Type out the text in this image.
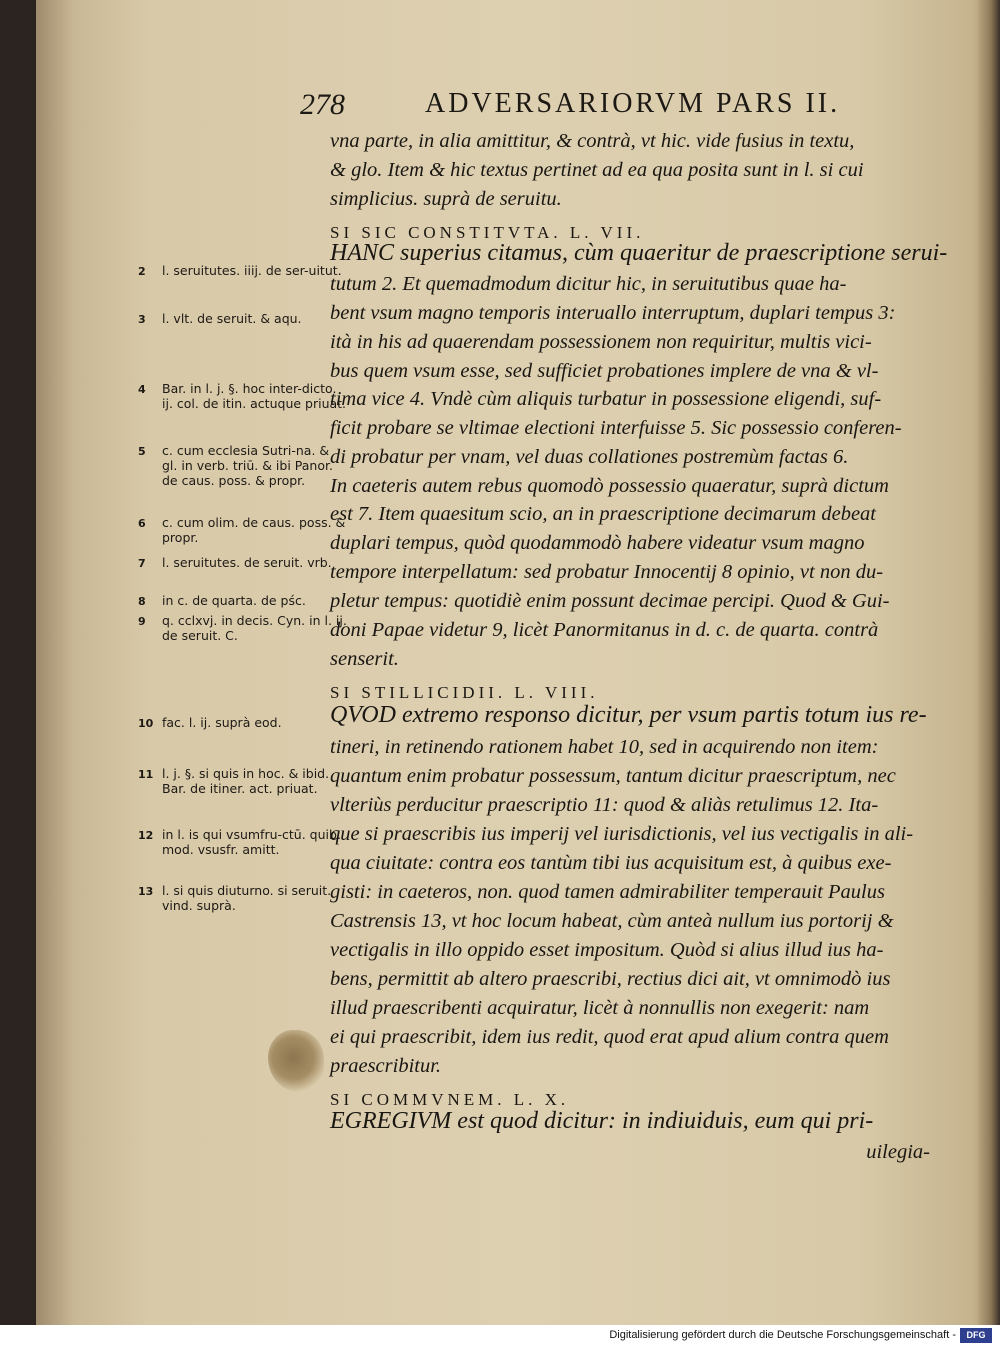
278	ADVERSARIORVM PARS II.
vna parte, in alia amittitur, & contrà, vt hic. vide fusius in textu,
& glo. Item & hic textus pertinet ad ea qua posita sunt in l. si cui
simplicius. suprà de seruitu.
SI SIC CONSTITVTA. L. VII.
HANC superius citamus, cùm quaeritur de praescriptione serui-
tutum 2. Et quemadmodum dicitur hic, in seruitutibus quae ha-
bent vsum magno temporis interuallo interruptum, duplari tempus 3:
ità in his ad quaerendam possessionem non requiritur, multis vici-
bus quem vsum esse, sed sufficiet probationes implere de vna & vl-
tima vice 4. Vndè cùm aliquis turbatur in possessione eligendi, suf-
ficit probare se vltimae electioni interfuisse 5. Sic possessio conferen-
di probatur per vnam, vel duas collationes postremùm factas 6.
In caeteris autem rebus quomodò possessio quaeratur, suprà dictum
est 7. Item quaesitum scio, an in praescriptione decimarum debeat
duplari tempus, quòd quodammodò habere videatur vsum magno
tempore interpellatum: sed probatur Innocentij 8 opinio, vt non du-
pletur tempus: quotidiè enim possunt decimae percipi. Quod & Gui-
doni Papae videtur 9, licèt Panormitanus in d. c. de quarta. contrà
senserit.
SI STILLICIDII. L. VIII.
QVOD extremo responso dicitur, per vsum partis totum ius re-
tineri, in retinendo rationem habet 10, sed in acquirendo non item:
quantum enim probatur possessum, tantum dicitur praescriptum, nec
vlteriùs perducitur praescriptio 11: quod & aliàs retulimus 12. Ita-
que si praescribis ius imperij vel iurisdictionis, vel ius vectigalis in ali-
qua ciuitate: contra eos tantùm tibi ius acquisitum est, à quibus exe-
gisti: in caeteros, non. quod tamen admirabiliter temperauit Paulus
Castrensis 13, vt hoc locum habeat, cùm anteà nullum ius portorij &
vectigalis in illo oppido esset impositum. Quòd si alius illud ius ha-
bens, permittit ab altero praescribi, rectius dici ait, vt omnimodò ius
illud praescribenti acquiratur, licèt à nonnullis non exegerit: nam
ei qui praescribit, idem ius redit, quod erat apud alium contra quem
praescribitur.
SI COMMVNEM. L. X.
EGREGIVM est quod dicitur: in indiuiduis, eum qui pri-
uilegia-
2	l. seruitutes. iiij. de ser-uitut.
3	l. vlt. de seruit. & aqu.
4	Bar. in l. j. §. hoc inter-dicto. ij. col. de itin. actuque priuat.
5	c. cum ecclesia Sutri-na. & gl. in verb. triū. & ibi Panor. de caus. poss. & propr.
6	c. cum olim. de caus. poss. & propr.
7	l. seruitutes. de seruit. vrb.
8	in c. de quarta. de pśc.
9	q. cclxvj. in decis. Cyn. in l. ij. de seruit. C.
10 fac. l. ij. suprà eod.
11 l. j. §. si quis in hoc. & ibid. Bar. de itiner. act. priuat.
12 in l. is qui vsumfru-ctū. quib. mod. vsusfr. amitt.
13 l. si quis diuturno. si seruit. vind. suprà.
Digitalisierung gefördert durch die Deutsche Forschungsgemeinschaft -	DFG
